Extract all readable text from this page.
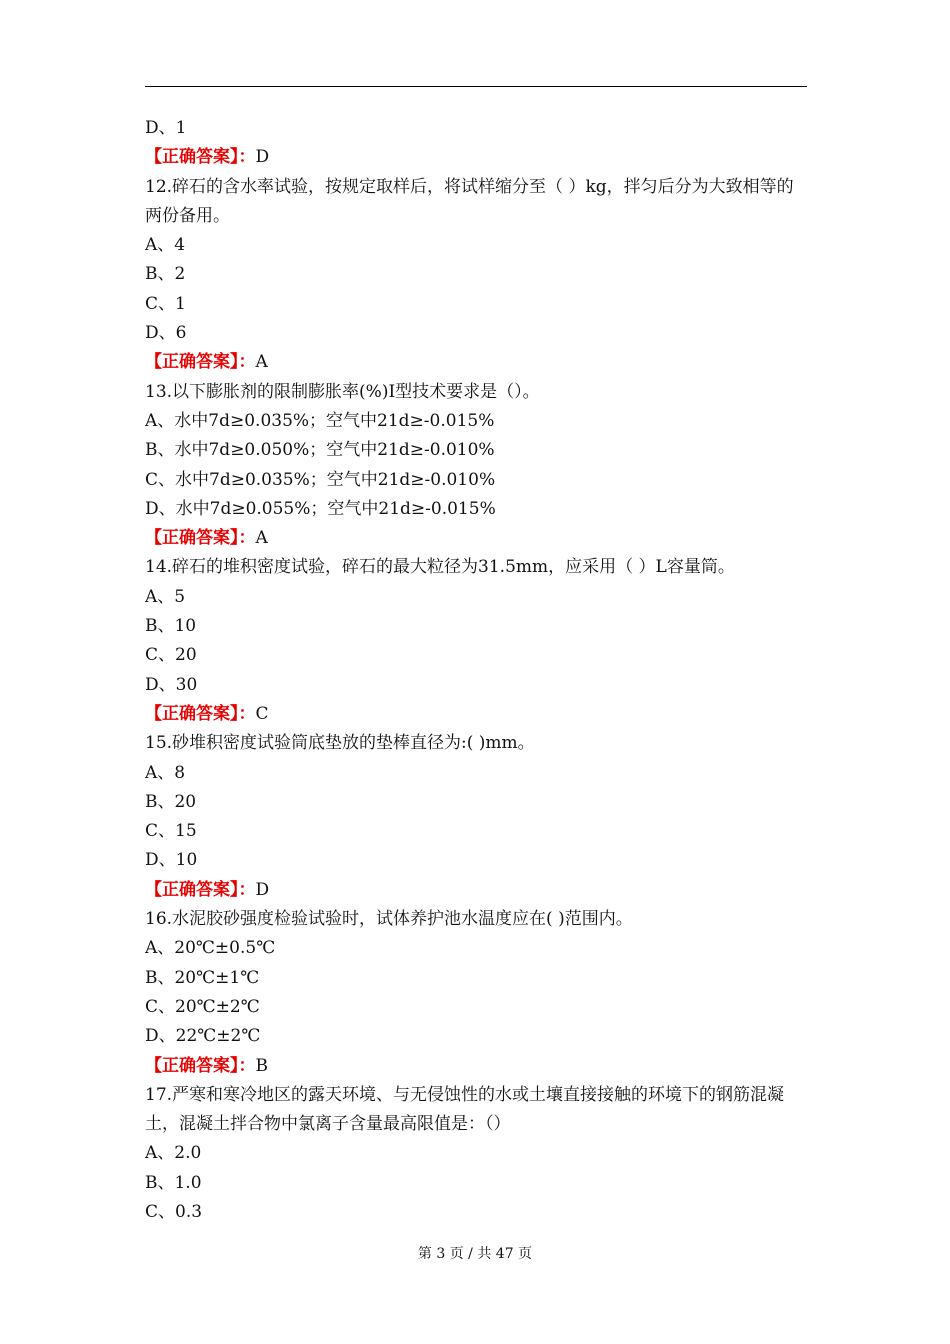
D、1
【正确答案】：D
12.碎石的含水率试验，按规定取样后，将试样缩分至（ ）kg，拌匀后分为大致相等的两份备用。
A、4
B、2
C、1
D、6
【正确答案】：A
13.以下膨胀剂的限制膨胀率(%)Ⅰ型技术要求是（）。
A、水中7d≥0.035%；空气中21d≥-0.015%
B、水中7d≥0.050%；空气中21d≥-0.010%
C、水中7d≥0.035%；空气中21d≥-0.010%
D、水中7d≥0.055%；空气中21d≥-0.015%
【正确答案】：A
14.碎石的堆积密度试验，碎石的最大粒径为31.5mm，应采用（ ）L容量筒。
A、5
B、10
C、20
D、30
【正确答案】：C
15.砂堆积密度试验筒底垫放的垫棒直径为:( )mm。
A、8
B、20
C、15
D、10
【正确答案】：D
16.水泥胶砂强度检验试验时，试体养护池水温度应在( )范围内。
A、20℃±0.5℃
B、20℃±1℃
C、20℃±2℃
D、22℃±2℃
【正确答案】：B
17.严寒和寒冷地区的露天环境、与无侵蚀性的水或土壤直接接触的环境下的钢筋混凝土，混凝土拌合物中氯离子含量最高限值是：（）
A、2.0
B、1.0
C、0.3
第 3 页 / 共 47 页
